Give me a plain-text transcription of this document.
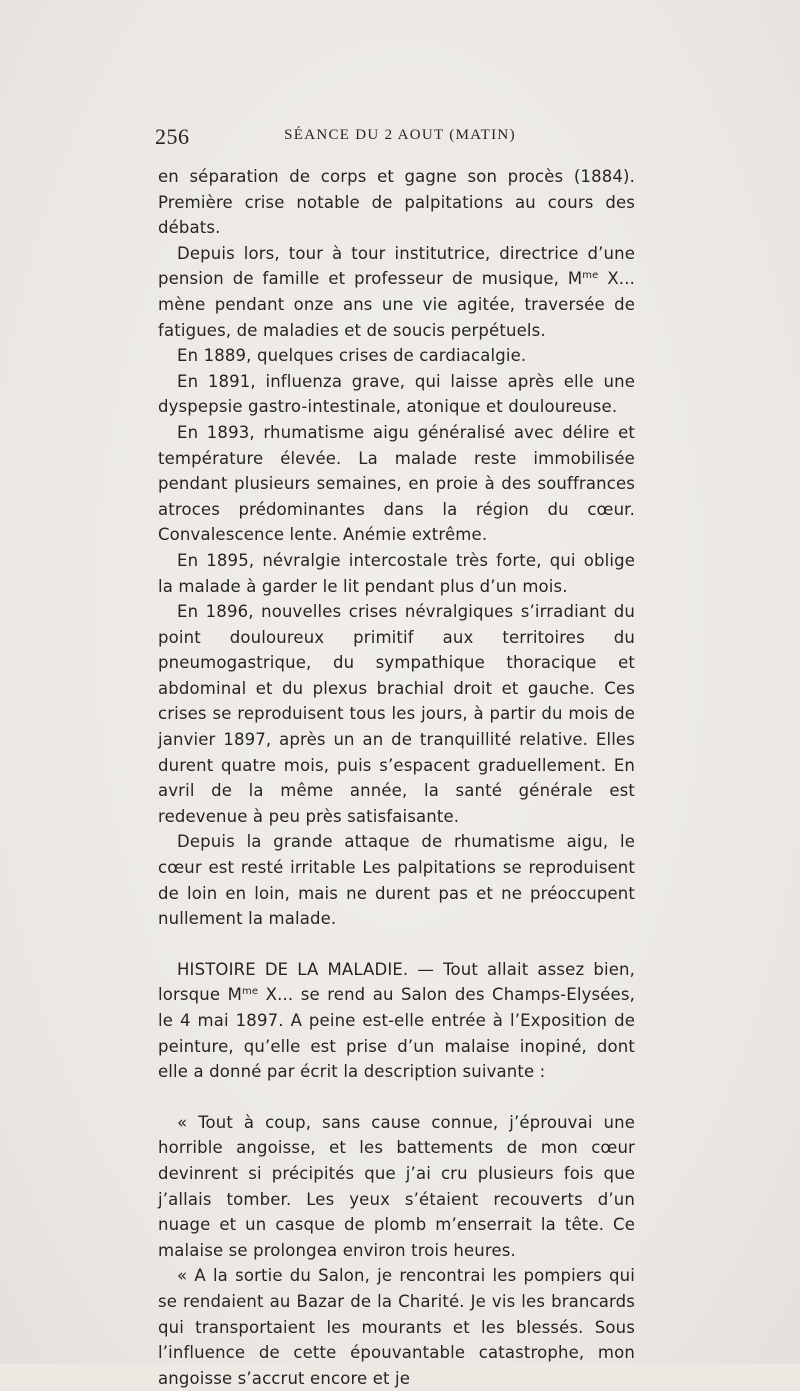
256	SÉANCE DU 2 AOUT (MATIN)

en séparation de corps et gagne son procès (1884). Première crise notable de palpitations au cours des débats.

Depuis lors, tour à tour institutrice, directrice d’une pension de famille et professeur de musique, $M^{me}$ X... mène pendant onze ans une vie agitée, traversée de fatigues, de maladies et de soucis perpétuels.

En 1889, quelques crises de cardiacalgie.

En 1891, influenza grave, qui laisse après elle une dyspepsie gastro-intestinale, atonique et douloureuse.

En 1893, rhumatisme aigu généralisé avec délire et température élevée. La malade reste immobilisée pendant plusieurs semaines, en proie à des souffrances atroces prédominantes dans la région du cœur. Convalescence lente. Anémie extrême.

En 1895, névralgie intercostale très forte, qui oblige la malade à garder le lit pendant plus d’un mois.

En 1896, nouvelles crises névralgiques s’irradiant du point douloureux primitif aux territoires du pneumogastrique, du sympathique thoracique et abdominal et du plexus brachial droit et gauche. Ces crises se reproduisent tous les jours, à partir du mois de janvier 1897, après un an de tranquillité relative. Elles durent quatre mois, puis s’espacent graduellement. En avril de la même année, la santé générale est redevenue à peu près satisfaisante.

Depuis la grande attaque de rhumatisme aigu, le cœur est resté irritable Les palpitations se reproduisent de loin en loin, mais ne durent pas et ne préoccupent nullement la malade.

HISTOIRE DE LA MALADIE. — Tout allait assez bien, lorsque $M^{me}$ X... se rend au Salon des Champs-Elysées, le 4 mai 1897. A peine est-elle entrée à l’Exposition de peinture, qu’elle est prise d’un malaise inopiné, dont elle a donné par écrit la description suivante :

« Tout à coup, sans cause connue, j’éprouvai une horrible angoisse, et les battements de mon cœur devinrent si précipités que j’ai cru plusieurs fois que j’allais tomber. Les yeux s’étaient recouverts d’un nuage et un casque de plomb m’enserrait la tête. Ce malaise se prolongea environ trois heures.

« A la sortie du Salon, je rencontrai les pompiers qui se rendaient au Bazar de la Charité. Je vis les brancards qui transportaient les mourants et les blessés. Sous l’influence de cette épouvantable catastrophe, mon angoisse s’accrut encore et je
